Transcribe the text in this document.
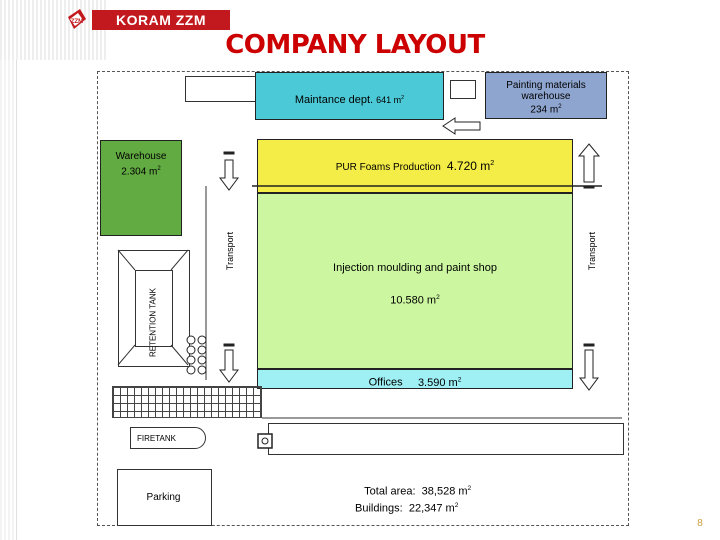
ZZM KORAM ZZM
COMPANY LAYOUT
Warehouse
2.304 $m^2$
Maintance dept. 641 $m^2$
Painting materials warehouse
234 $m^2$
PUR Foams Production 4.720 $m^2$
Injection moulding and paint shop
10.580 $m^2$
Offices 3.590 $m^2$
RETENTION TANK
Transport	Transport
FIRETANK
Parking	Total area: 38,528 $m^2$
Buildings: 22,347 $m^2$
8
